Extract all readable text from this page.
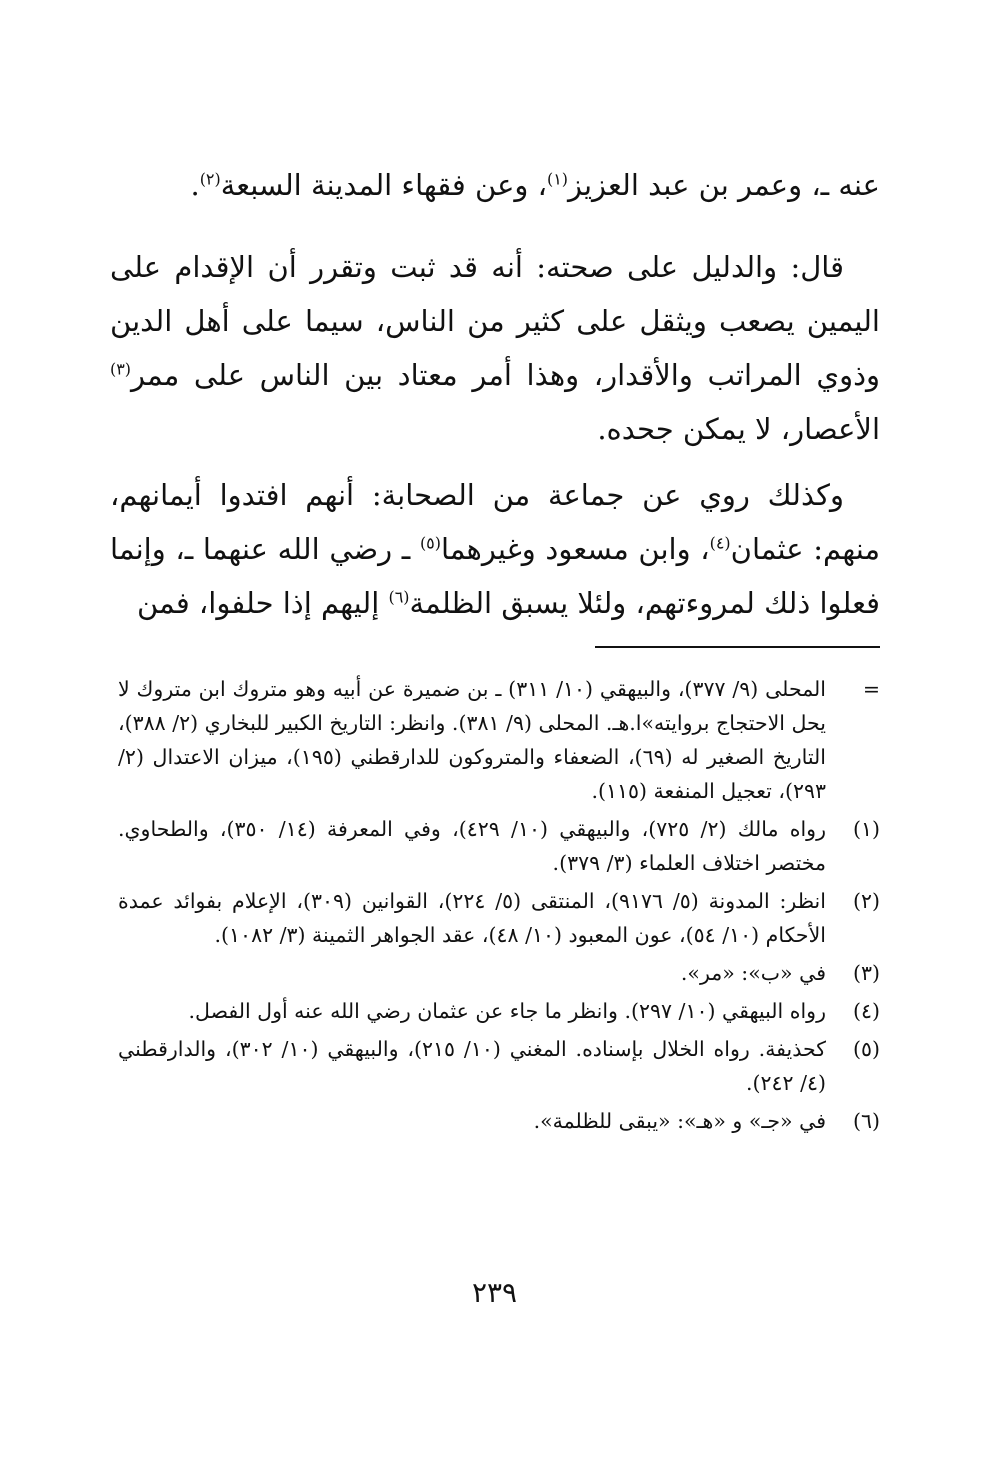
عنه ـ، وعمر بن عبد العزيز$^{(١)}$، وعن فقهاء المدينة السبعة$^{(٢)}$.

قال: والدليل على صحته: أنه قد ثبت وتقرر أن الإقدام على اليمين يصعب ويثقل على كثير من الناس، سيما على أهل الدين وذوي المراتب والأقدار، وهذا أمر معتاد بين الناس على ممر$^{(٣)}$ الأعصار، لا يمكن جحده.

وكذلك روي عن جماعة من الصحابة: أنهم افتدوا أيمانهم، منهم: عثمان$^{(٤)}$، وابن مسعود وغيرهما$^{(٥)}$ ـ رضي الله عنهما ـ، وإنما فعلوا ذلك لمروءتهم، ولئلا يسبق الظلمة$^{(٦)}$ إليهم إذا حلفوا، فمن

=
المحلى (٩/ ٣٧٧)، والبيهقي (١٠/ ٣١١) ـ بن ضميرة عن أبيه وهو متروك ابن متروك لا يحل الاحتجاج بروايته»ا.هـ. المحلى (٩/ ٣٨١). وانظر: التاريخ الكبير للبخاري (٢/ ٣٨٨)، التاريخ الصغير له (٦٩)، الضعفاء والمتروكون للدارقطني (١٩٥)، ميزان الاعتدال (٢/ ٢٩٣)، تعجيل المنفعة (١١٥).
(١)
رواه مالك (٢/ ٧٢٥)، والبيهقي (١٠/ ٤٢٩)، وفي المعرفة (١٤/ ٣٥٠)، والطحاوي. مختصر اختلاف العلماء (٣/ ٣٧٩).
(٢)
انظر: المدونة (٥/ ٩١٧٦)، المنتقى (٥/ ٢٢٤)، القوانين (٣٠٩)، الإعلام بفوائد عمدة الأحكام (١٠/ ٥٤)، عون المعبود (١٠/ ٤٨)، عقد الجواهر الثمينة (٣/ ١٠٨٢).
(٣)
في «ب»: «مر».
(٤)
رواه البيهقي (١٠/ ٢٩٧). وانظر ما جاء عن عثمان رضي الله عنه أول الفصل.
(٥)
كحذيفة. رواه الخلال بإسناده. المغني (١٠/ ٢١٥)، والبيهقي (١٠/ ٣٠٢)، والدارقطني (٤/ ٢٤٢).
(٦)
في «جـ» و «هـ»: «يبقى للظلمة».
٢٣٩
